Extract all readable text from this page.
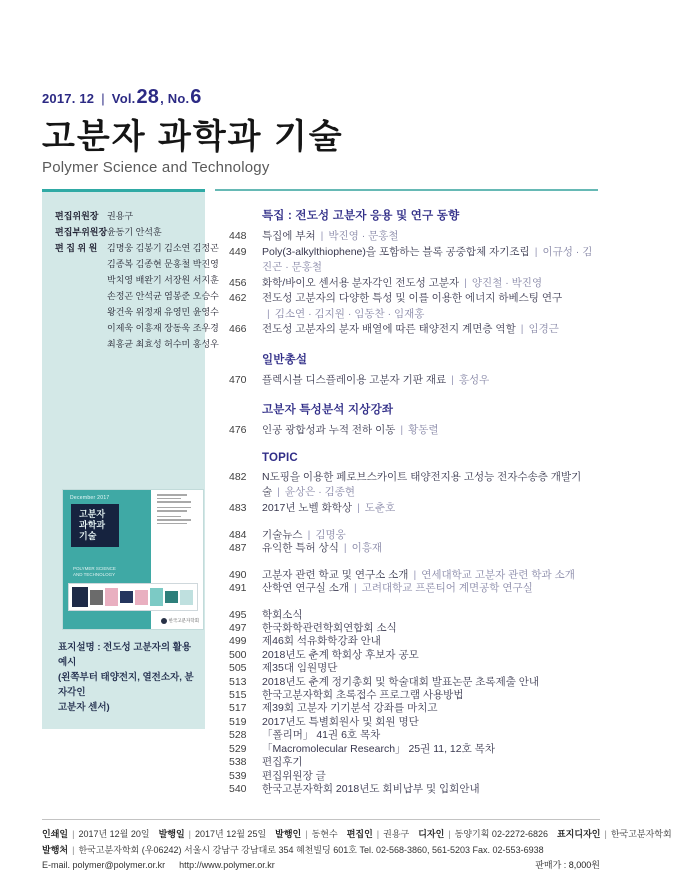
2017. 12 | Vol. 28 , No. 6
고분자 과학과 기술
Polymer Science and Technology
편집위원장 권용구
편집부위원장 윤동기 안석훈
편 집 위 원	김명웅 김봉기 김소연 김정곤
김종복 김종현 문홍철 박진영
박치영 배완기 서장원 서지훈
손정곤 안석균 염봉준 오승수
왕건욱 위정재 유영민 윤영수
이제욱 이흥재 장동욱 조우경
최홍균 최효성 허수미 홍성우
December 2017
고분자
과학과
기술
POLYMER SCIENCE AND TECHNOLOGY
한국고분자학회
표지설명 : 전도성 고분자의 활용 예시
(왼쪽부터 태양전지, 열전소자, 분자각인
고분자 센서)
특집 : 전도성 고분자 응용 및 연구 동향
448 특집에 부쳐 | 박진영 · 문홍철
449 Poly(3-alkylthiophene)을 포함하는 블록 공중합체 자기조립 | 이규성 · 김진곤 · 문홍철
456 화학/바이오 센서용 분자각인 전도성 고분자 | 양진철 · 박진영
462 전도성 고분자의 다양한 특성 및 이를 이용한 에너지 하베스팅 연구
| 김소연 · 김지원 · 임동찬 · 임재홍
466 전도성 고분자의 분자 배열에 따른 태양전지 계면층 역할 | 임경근
일반총설
470 플렉시블 디스플레이용 고분자 기판 재료 | 홍성우
고분자 특성분석 지상강좌
476 인공 광합성과 누적 전하 이동 | 황동렬
TOPIC
482 N도핑을 이용한 페로브스카이트 태양전지용 고성능 전자수송층 개발기술 | 윤상은 · 김종현
483 2017년 노벨 화학상 | 도춘호
484 기술뉴스 | 김명웅
487 유익한 특허 상식 | 이흥재
490 고분자 관련 학교 및 연구소 소개 | 연세대학교 고분자 관련 학과 소개
491 산학연 연구실 소개 | 고려대학교 프론티어 계면공학 연구실
495 학회소식
497 한국화학관련학회연합회 소식
499 제46회 석유화학강좌 안내
500 2018년도 춘계 학회상 후보자 공모
505 제35대 임원명단
513 2018년도 춘계 정기총회 및 학술대회 발표논문 초록제출 안내
515 한국고분자학회 초록접수 프로그램 사용방법
517 제39회 고분자 기기분석 강좌를 마치고
519 2017년도 특별회원사 및 회원 명단
528 「폴리머」 41권 6호 목차
529 「Macromolecular Research」 25권 11, 12호 목차
538 편집후기
539 편집위원장 글
540 한국고분자학회 2018년도 회비납부 및 입회안내
인쇄일 | 2017년 12월 20일 발행일 | 2017년 12월 25일 발행인 | 동현수 편집인 | 권용구 디자인 | 동양기획 02-2272-6826 표지디자인 | 한국고분자학회
발행처 | 한국고분자학회 (우06242) 서울시 강남구 강남대로 354 혜천빌딩 601호 Tel. 02-568-3860, 561-5203 Fax. 02-553-6938
E-mail. polymer@polymer.or.kr http://www.polymer.or.kr	판매가 : 8,000원
